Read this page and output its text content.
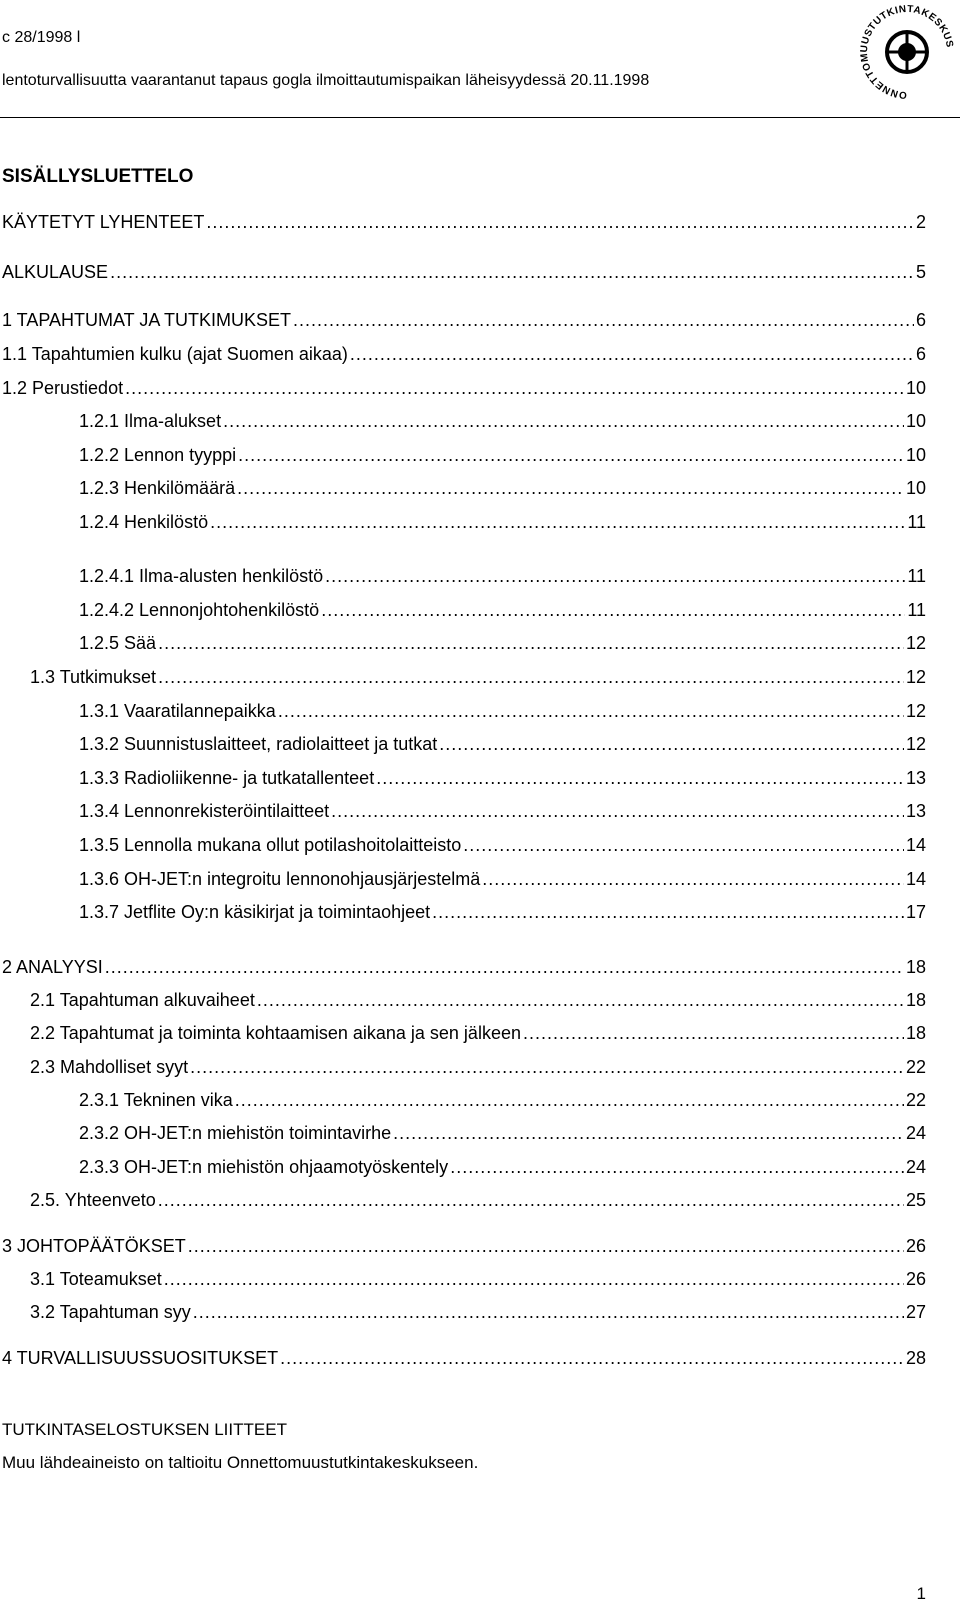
c 28/1998 l
lentoturvallisuutta vaarantanut tapaus gogla ilmoittautumispaikan läheisyydessä 20.11.1998
ONNETTOMUUSTUTKINTAKESKUS
SISÄLLYSLUETTELO
KÄYTETYT LYHENTEET .....	2
ALKULAUSE .....	5
1 TAPAHTUMAT JA TUTKIMUKSET .....	6
1.1 Tapahtumien kulku (ajat Suomen aikaa) .....	6
1.2 Perustiedot .....	10
1.2.1 Ilma-alukset .....	10
1.2.2 Lennon tyyppi .....	10
1.2.3 Henkilömäärä .....	10
1.2.4 Henkilöstö .....	11
1.2.4.1 Ilma-alusten henkilöstö .....	11
1.2.4.2 Lennonjohtohenkilöstö .....	11
1.2.5 Sää .....	12
1.3 Tutkimukset .....	12
1.3.1 Vaaratilannepaikka .....	12
1.3.2 Suunnistuslaitteet, radiolaitteet ja tutkat .....	12
1.3.3 Radioliikenne- ja tutkatallenteet .....	13
1.3.4 Lennonrekisteröintilaitteet .....	13
1.3.5 Lennolla mukana ollut potilashoitolaitteisto .....	14
1.3.6 OH-JET:n integroitu lennonohjausjärjestelmä .....	14
1.3.7 Jetflite Oy:n käsikirjat ja toimintaohjeet .....	17
2 ANALYYSI .....	18
2.1 Tapahtuman alkuvaiheet .....	18
2.2 Tapahtumat ja toiminta kohtaamisen aikana ja sen jälkeen .....	18
2.3 Mahdolliset syyt .....	22
2.3.1 Tekninen vika .....	22
2.3.2 OH-JET:n miehistön toimintavirhe .....	24
2.3.3 OH-JET:n miehistön ohjaamotyöskentely .....	24
2.5. Yhteenveto .....	25
3 JOHTOPÄÄTÖKSET .....	26
3.1 Toteamukset .....	26
3.2 Tapahtuman syy .....	27
4 TURVALLISUUSSUOSITUKSET .....	28
TUTKINTASELOSTUKSEN LIITTEET
Muu lähdeaineisto on taltioitu Onnettomuustutkintakeskukseen.
1
